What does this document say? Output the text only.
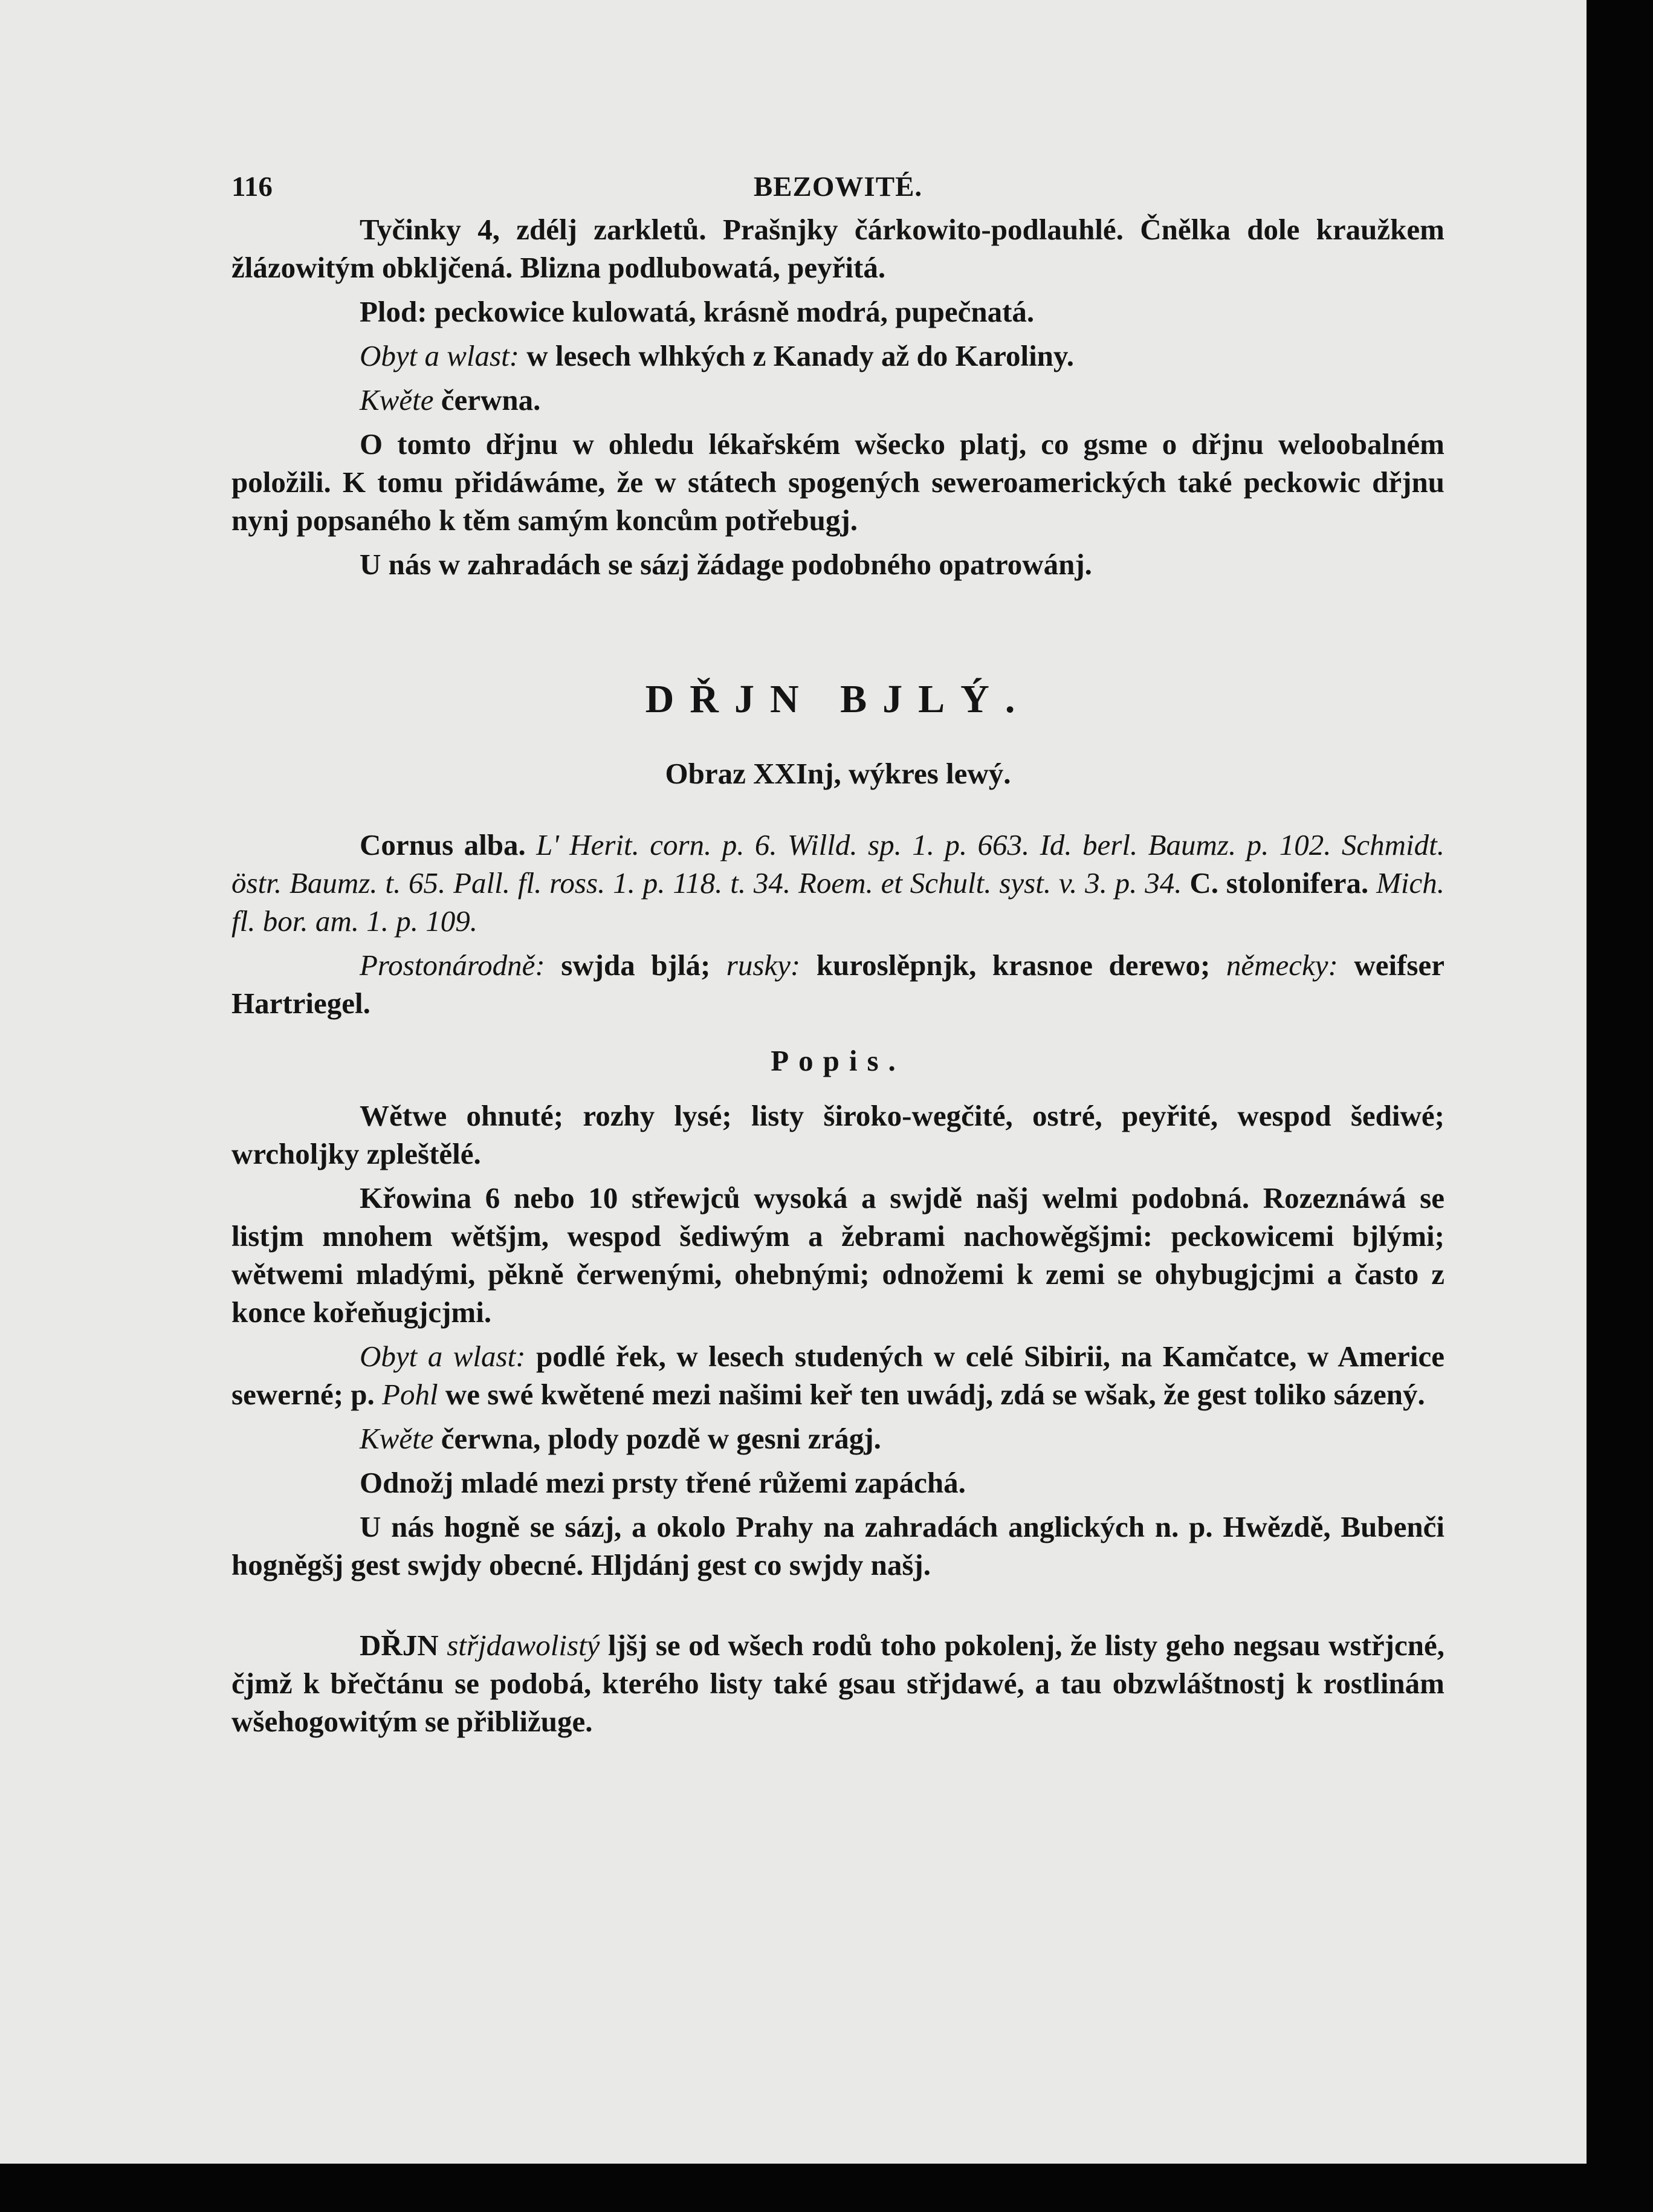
116	BEZOWITÉ.

Tyčinky 4, zdélj zarkletů. Prašnjky čárkowito-podlauhlé. Čnělka dole kraužkem žlázowitým obkljčená. Blizna podlubowatá, peyřitá.

Plod: peckowice kulowatá, krásně modrá, pupečnatá.

Obyt a wlast: w lesech wlhkých z Kanady až do Karoliny.

Kwěte čerwna.

O tomto dřjnu w ohledu lékařském wšecko platj, co gsme o dřjnu weloobalném položili. K tomu přidáwáme, že w státech spogených seweroamerických také peckowic dřjnu nynj popsaného k těm samým koncům potřebugj.

U nás w zahradách se sázj žádage podobného opatrowánj.

DŘJN BJLÝ.
Obraz XXInj, wýkres lewý.

Cornus alba. L' Herit. corn. p. 6. Willd. sp. 1. p. 663. Id. berl. Baumz. p. 102. Schmidt. östr. Baumz. t. 65. Pall. fl. ross. 1. p. 118. t. 34. Roem. et Schult. syst. v. 3. p. 34. C. stolonifera. Mich. fl. bor. am. 1. p. 109.

Prostonárodně: swjda bjlá; rusky: kuroslěpnjk, krasnoe derewo; německy: weifser Hartriegel.

Popis.

Wětwe ohnuté; rozhy lysé; listy široko-wegčité, ostré, peyřité, wespod šediwé; wrcholjky zpleštělé.

Křowina 6 nebo 10 střewjců wysoká a swjdě našj welmi podobná. Rozeznáwá se listjm mnohem wětšjm, wespod šediwým a žebrami nachowěgšjmi: peckowicemi bjlými; wětwemi mladými, pěkně čerwenými, ohebnými; odnožemi k zemi se ohybugjcjmi a často z konce kořeňugjcjmi.

Obyt a wlast: podlé řek, w lesech studených w celé Sibirii, na Kamčatce, w Americe sewerné; p. Pohl we swé kwětené mezi našimi keř ten uwádj, zdá se wšak, že gest toliko sázený.

Kwěte čerwna, plody pozdě w gesni zrágj.

Odnožj mladé mezi prsty třené růžemi zapáchá.

U nás hogně se sázj, a okolo Prahy na zahradách anglických n. p. Hwězdě, Bubenči hogněgšj gest swjdy obecné. Hljdánj gest co swjdy našj.

DŘJN střjdawolistý ljšj se od wšech rodů toho pokolenj, že listy geho negsau wstřjcné, čjmž k břečtánu se podobá, kterého listy také gsau střjdawé, a tau obzwláštnostj k rostlinám wšehogowitým se přibližuge.
